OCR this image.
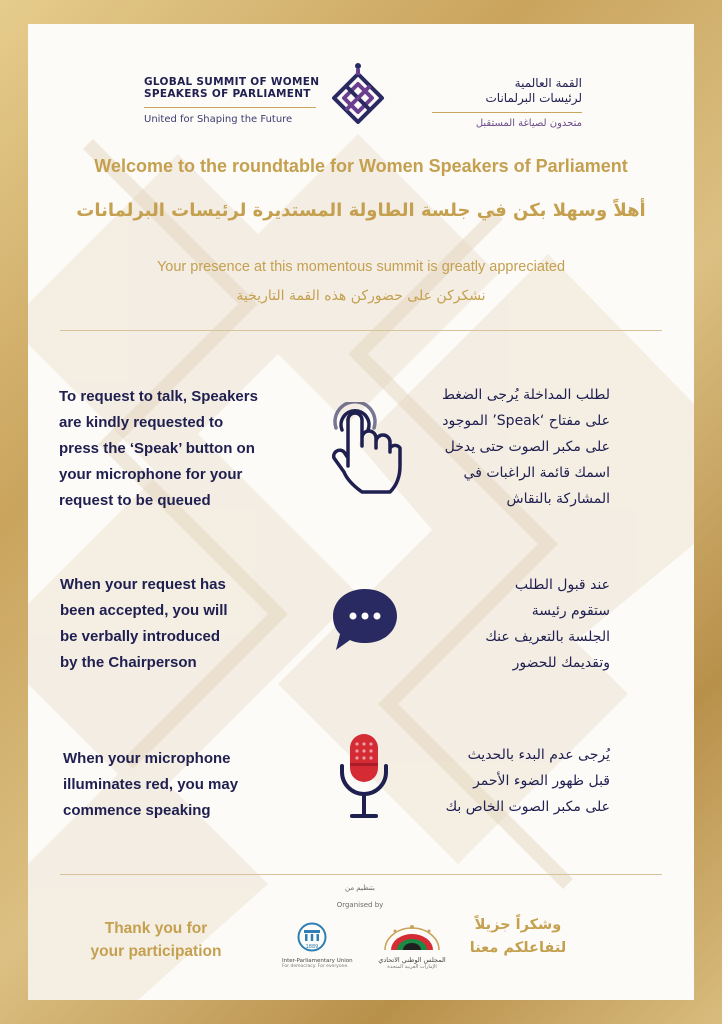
GLOBAL SUMMIT OF WOMEN
SPEAKERS OF PARLIAMENT
United for Shaping the Future
القمة العالمية
لرئيسات البرلمانات
متحدون لصياغة المستقبل
Welcome to the roundtable for Women Speakers of Parliament
أهلاً وسهلا بكن في جلسة الطاولة المستديرة لرئيسات البرلمانات
Your presence at this momentous summit is greatly appreciated
نشكركن على حضوركن هذه القمة التاريخية
To request to talk, Speakers
are kindly requested to
press the ‘Speak’ button on
your microphone for your
request to be queued
لطلب المداخلة يُرجى الضغط
على مفتاح ‘Speak’ الموجود
على مكبر الصوت حتى يدخل
اسمك قائمة الراغبات في
المشاركة بالنقاش
When your request has
been accepted, you will
be verbally introduced
by the Chairperson
عند قبول الطلب
ستقوم رئيسة
الجلسة بالتعريف عنك
وتقديمك للحضور
When your microphone
illuminates red, you may
commence speaking
يُرجى عدم البدء بالحديث
قبل ظهور الضوء الأحمر
على مكبر الصوت الخاص بك
Thank you for
your participation
بتنظيم من
Organised by
1889
Inter-Parliamentary Union
For democracy. For everyone.
المجلس الوطني الاتحادي
الإمارات العربية المتحدة
وشكراً جزيلاً
لتفاعلكم معنا
